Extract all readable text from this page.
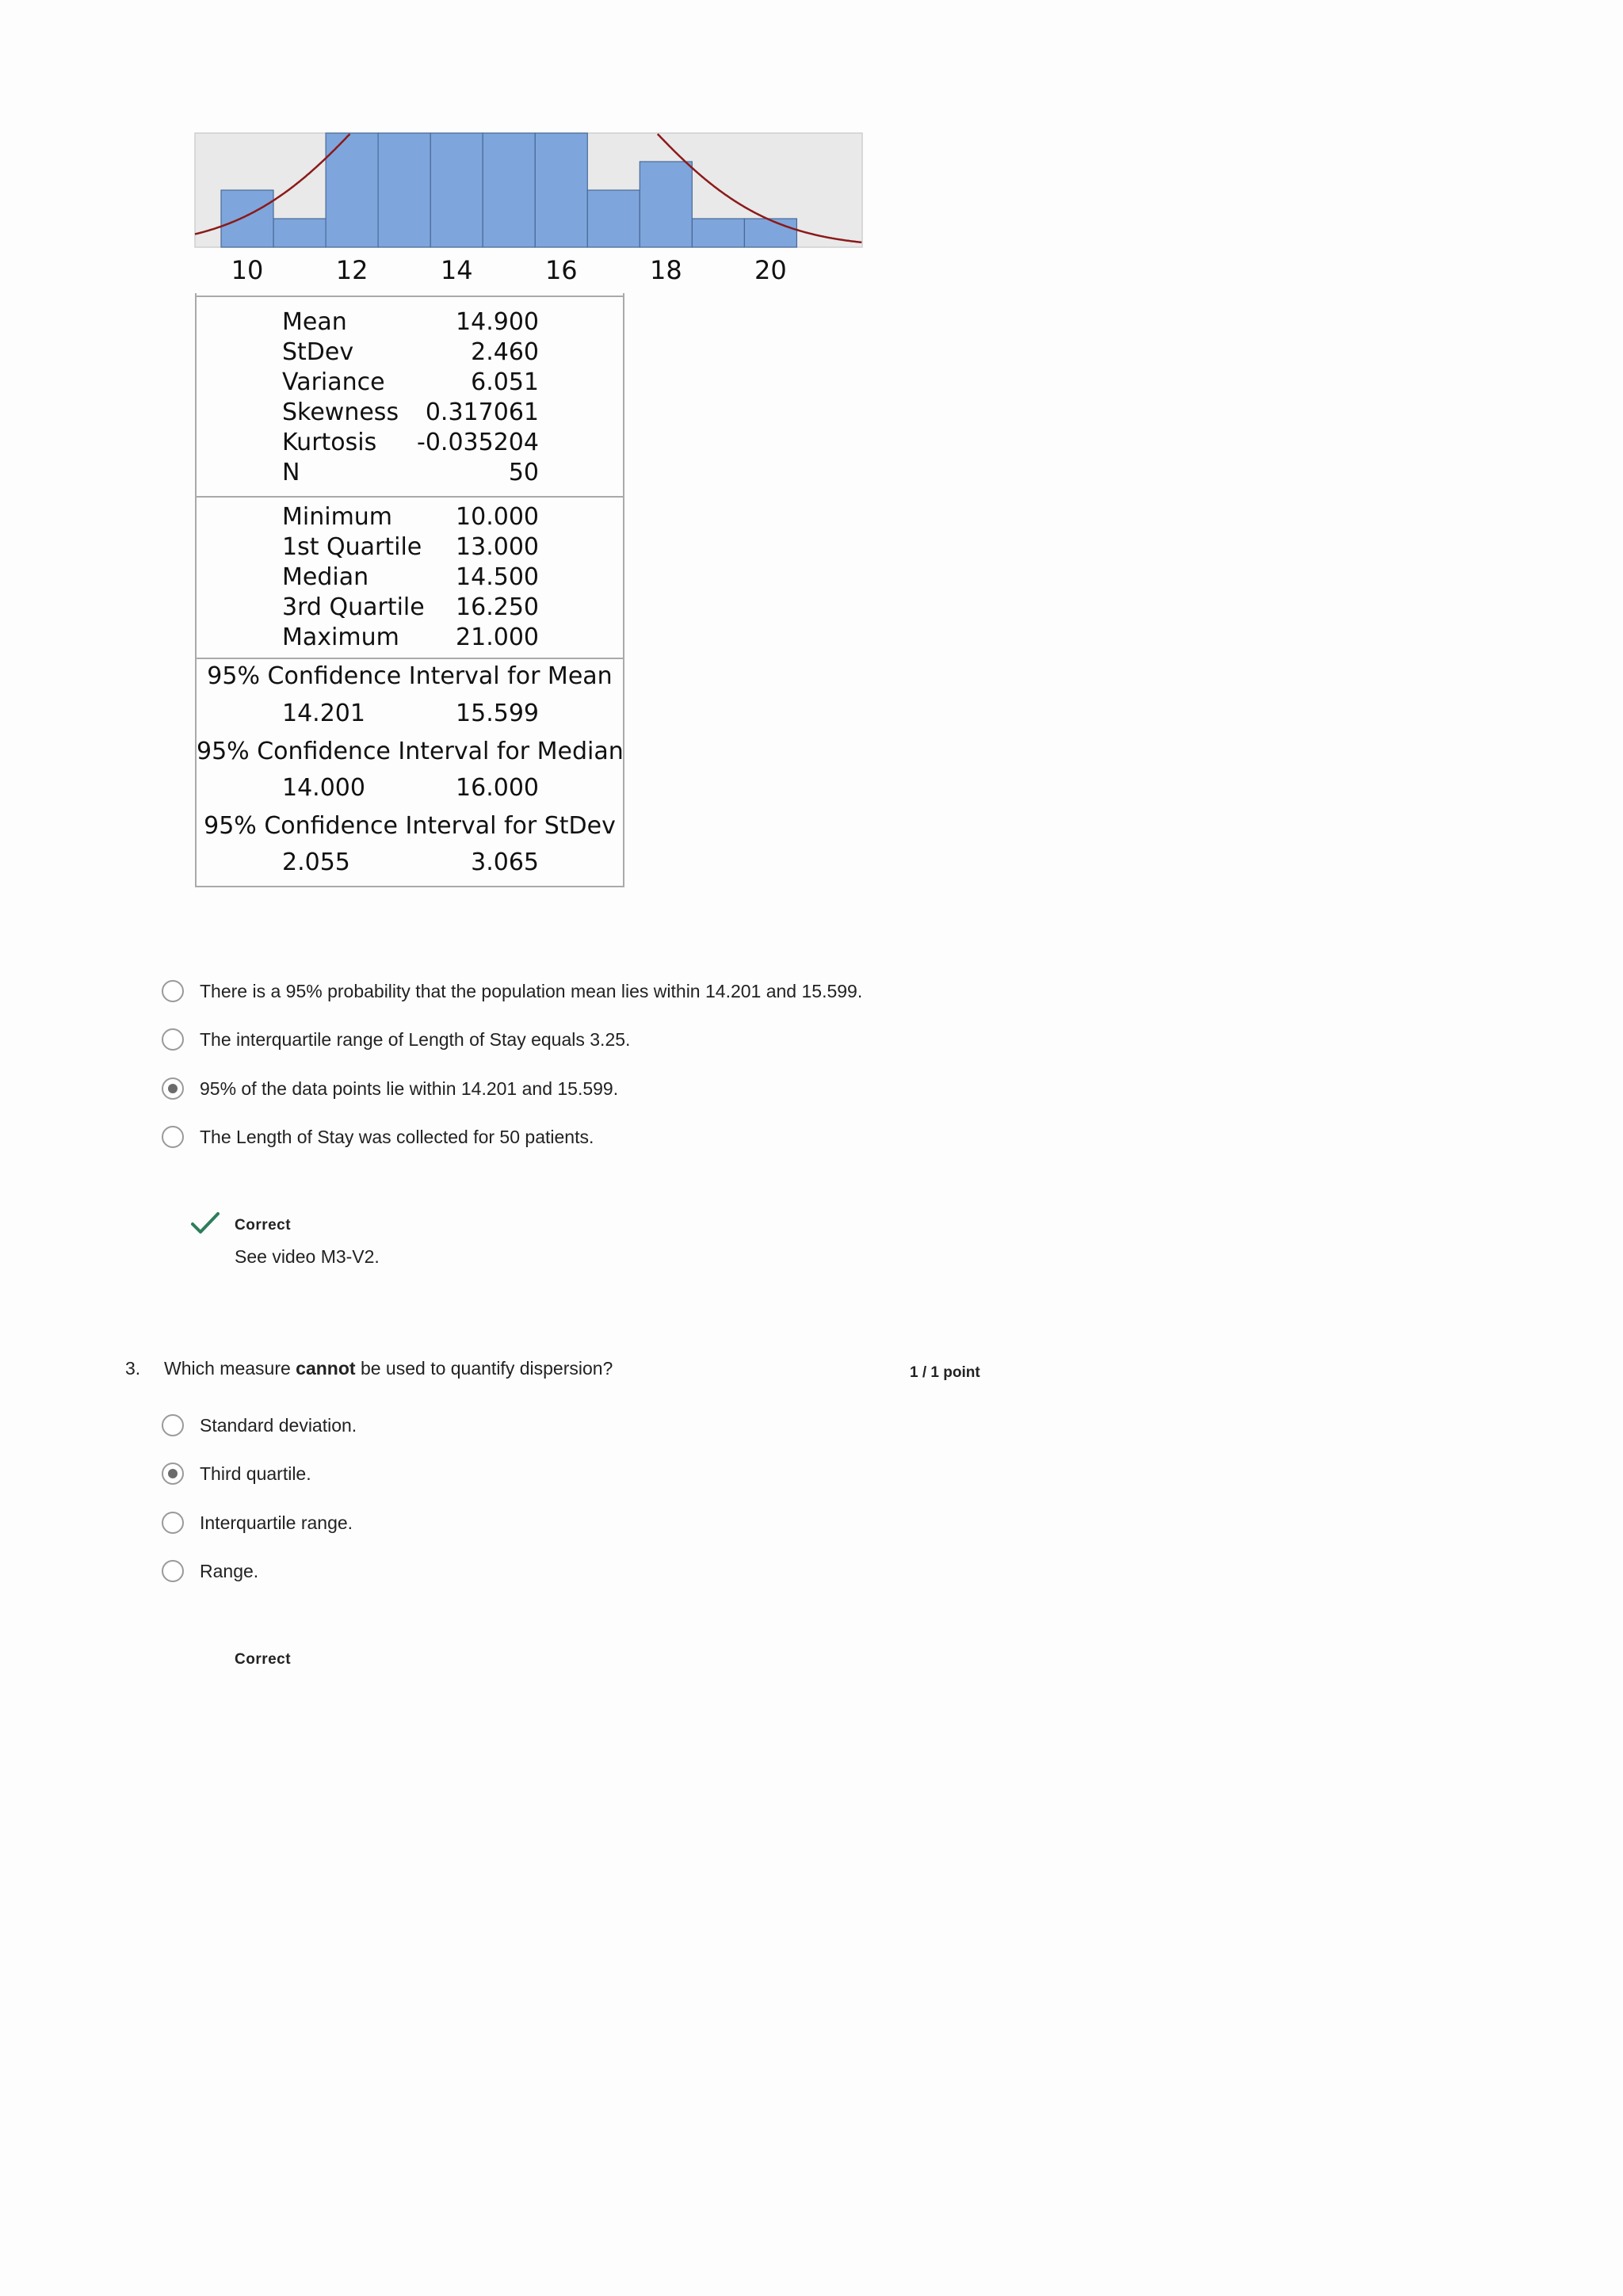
10	12	14	16	18	20
Mean	14.900
StDev	2.460
Variance	6.051
Skewness 0.317061
Kurtosis -0.035204
N	50
Minimum	10.000
1st Quartile 13.000
Median	14.500
3rd Quartile 16.250
Maximum 21.000
95% Confidence Interval for Mean
14.201	15.599
95% Confidence Interval for Median
14.000	16.000
95% Confidence Interval for StDev
2.055	3.065
There is a 95% probability that the population mean lies within 14.201 and 15.599.
The interquartile range of Length of Stay equals 3.25.
95% of the data points lie within 14.201 and 15.599.
The Length of Stay was collected for 50 patients.
Correct
See video M3-V2.
3. Which measure cannot be used to quantify dispersion?	1 / 1 point
Standard deviation.
Third quartile.
Interquartile range.
Range.
Correct
